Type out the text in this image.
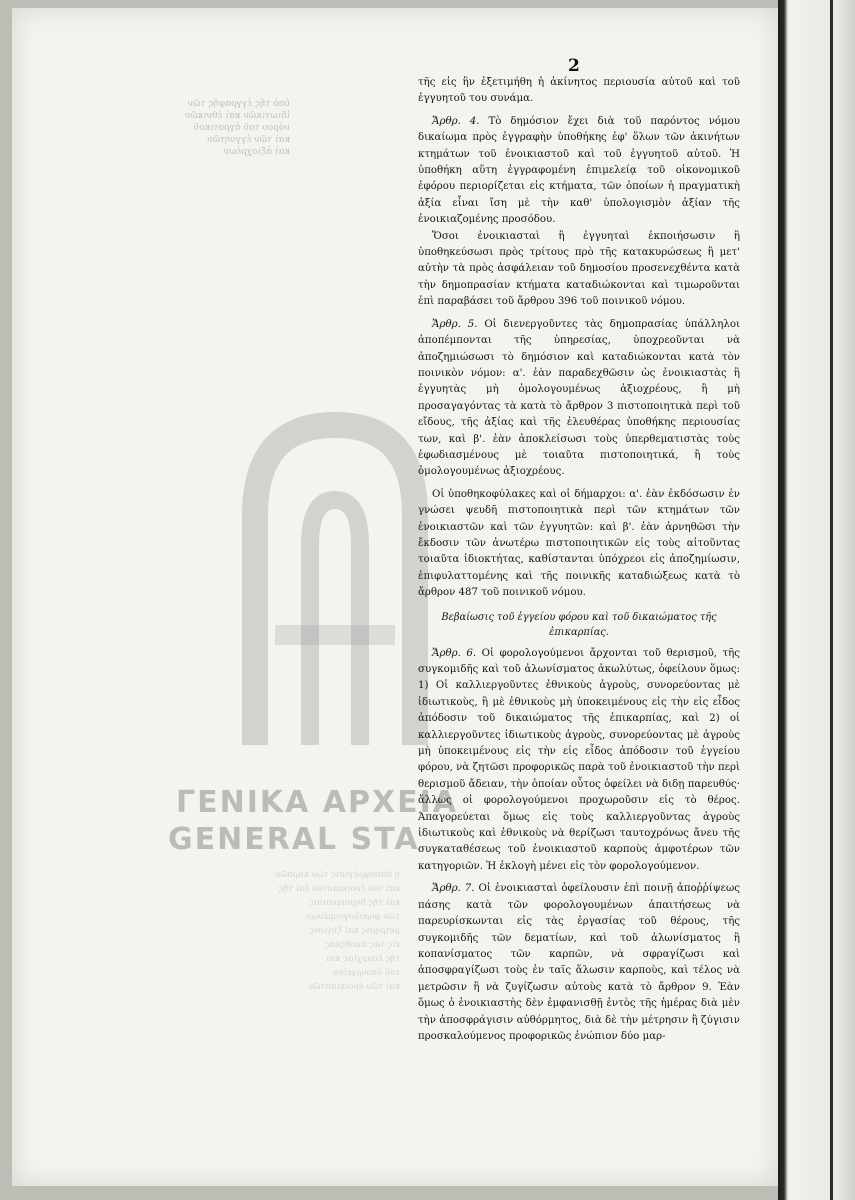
ὑπὸ τῆς ἐγγραφῆς τῶν
ἰδιωτικῶν καὶ ἐθνικῶν
νόμου τοῦ ἀγροτικοῦ
καὶ τῶν ἐγγυητῶν
καὶ ἀξιοχρέων
ἡ ἀποσφράγισις τῶν καρπῶν
καὶ τοῦ ἐνοικιαστοῦ ἐπὶ τῆς
καὶ τῆς δημοπρασίας
τῶν φορολογουμένων
μέτρησις καὶ ζύγισις
εἰς τὰς ἀποθήκας
τῆς ἐπαρχίας καὶ
τοῦ ὑπουργείου
καὶ τῶν ἐνοικιαστῶν
ΓΕΝΙΚΑ ΑΡΧΕΙΑ
GENERAL STA
2

τῆς εἰς ἣν ἐξετιμήθη ἡ ἀκίνητος περιουσία αὐτοῦ καὶ τοῦ ἐγγυητοῦ του συνάμα.

Ἄρθρ. 4. Τὸ δημόσιον ἔχει διὰ τοῦ παρόντος νόμου δικαίωμα πρὸς ἐγγραφὴν ὑποθήκης ἐφ' ὅλων τῶν ἀκινήτων κτημάτων τοῦ ἐνοικιαστοῦ καὶ τοῦ ἐγγυητοῦ αὐτοῦ. Ἡ ὑποθήκη αὕτη ἐγγραφομένη ἐπιμελείᾳ τοῦ οἰκονομικοῦ ἐφόρου περιορίζεται εἰς κτήματα, τῶν ὁποίων ἡ πραγματικὴ ἀξία εἶναι ἴση μὲ τὴν καθ' ὑπολογισμὸν ἀξίαν τῆς ἐνοικιαζομένης προσόδου.

Ὅσοι ἐνοικιασταὶ ἢ ἐγγυηταὶ ἐκποιήσωσιν ἢ ὑποθηκεύσωσι πρὸς τρίτους πρὸ τῆς κατακυρώσεως ἢ μετ' αὐτὴν τὰ πρὸς ἀσφάλειαν τοῦ δημοσίου προσενεχθέντα κατὰ τὴν δημοπρασίαν κτήματα καταδιώκονται καὶ τιμωροῦνται ἐπὶ παραβάσει τοῦ ἄρθρου 396 τοῦ ποινικοῦ νόμου.

Ἄρθρ. 5. Οἱ διενεργοῦντες τὰς δημοπρασίας ὑπάλληλοι ἀποπέμπονται τῆς ὑπηρεσίας, ὑποχρεοῦνται νὰ ἀποζημιώσωσι τὸ δημόσιον καὶ καταδιώκονται κατὰ τὸν ποινικὸν νόμον: α'. ἐὰν παραδεχθῶσιν ὡς ἐνοικιαστὰς ἢ ἐγγυητὰς μὴ ὁμολογουμένως ἀξιοχρέους, ἢ μὴ προσαγαγόντας τὰ κατὰ τὸ ἄρθρον 3 πιστοποιητικὰ περὶ τοῦ εἴδους, τῆς ἀξίας καὶ τῆς ἐλευθέρας ὑποθήκης περιουσίας των, καὶ β'. ἐὰν ἀποκλείσωσι τοὺς ὑπερθεματιστὰς τοὺς ἐφωδιασμένους μὲ τοιαῦτα πιστοποιητικά, ἢ τοὺς ὁμολογουμένως ἀξιοχρέους.

Οἱ ὑποθηκοφύλακες καὶ οἱ δήμαρχοι: α'. ἐὰν ἐκδόσωσιν ἐν γνώσει ψευδῆ πιστοποιητικὰ περὶ τῶν κτημάτων τῶν ἐνοικιαστῶν καὶ τῶν ἐγγυητῶν: καὶ β'. ἐὰν ἀρνηθῶσι τὴν ἔκδοσιν τῶν ἀνωτέρω πιστοποιητικῶν εἰς τοὺς αἰτοῦντας τοιαῦτα ἰδιοκτήτας, καθίστανται ὑπόχρεοι εἰς ἀποζημίωσιν, ἐπιφυλαττομένης καὶ τῆς ποινικῆς καταδιώξεως κατὰ τὸ ἄρθρον 487 τοῦ ποινικοῦ νόμου.

Βεβαίωσις τοῦ ἐγγείου φόρου καὶ τοῦ δικαιώματος τῆς ἐπικαρπίας.

Ἄρθρ. 6. Οἱ φορολογούμενοι ἄρχονται τοῦ θερισμοῦ, τῆς συγκομιδῆς καὶ τοῦ ἀλωνίσματος ἀκωλύτως, ὀφείλουν ὅμως: 1) Οἱ καλλιεργοῦντες ἐθνικοὺς ἀγροὺς, συνορεύοντας μὲ ἰδιωτικοὺς, ἢ μὲ ἐθνικοὺς μὴ ὑποκειμένους εἰς τὴν εἰς εἶδος ἀπόδοσιν τοῦ δικαιώματος τῆς ἐπικαρπίας, καὶ 2) οἱ καλλιεργοῦντες ἰδιωτικοὺς ἀγροὺς, συνορεύοντας μὲ ἀγροὺς μὴ ὑποκειμένους εἰς τὴν εἰς εἶδος ἀπόδοσιν τοῦ ἐγγείου φόρου, νὰ ζητῶσι προφορικῶς παρὰ τοῦ ἐνοικιαστοῦ τὴν περὶ θερισμοῦ ἄδειαν, τὴν ὁποίαν οὗτος ὀφείλει νὰ διδῃ παρευθύς· ἄλλως οἱ φορολογούμενοι προχωροῦσιν εἰς τὸ θέρος. Ἀπαγορεύεται ὅμως εἰς τοὺς καλλιεργοῦντας ἀγροὺς ἰδιωτικοὺς καὶ ἐθνικοὺς νὰ θερίζωσι ταυτοχρόνως ἄνευ τῆς συγκαταθέσεως τοῦ ἐνοικιαστοῦ καρποὺς ἀμφοτέρων τῶν κατηγοριῶν. Ἡ ἐκλογὴ μένει εἰς τὸν φορολογούμενον.

Ἄρθρ. 7. Οἱ ἐνοικιασταὶ ὀφείλουσιν ἐπὶ ποινῇ ἀποῤῥίψεως πάσης κατὰ τῶν φορολογουμένων ἀπαιτήσεως νὰ παρευρίσκωνται εἰς τὰς ἐργασίας τοῦ θέρους, τῆς συγκομιδῆς τῶν δεματίων, καὶ τοῦ ἀλωνίσματος ἢ κοπανίσματος τῶν καρπῶν, νὰ σφραγίζωσι καὶ ἀποσφραγίζωσι τοὺς ἐν ταῖς ἅλωσιν καρποὺς, καὶ τέλος νὰ μετρῶσιν ἢ νὰ ζυγίζωσιν αὐτοὺς κατὰ τὸ ἄρθρον 9. Ἐὰν ὅμως ὁ ἐνοικιαστὴς δὲν ἐμφανισθῇ ἐντὸς τῆς ἡμέρας διὰ μὲν τὴν ἀποσφράγισιν αὐθόρμητος, διὰ δὲ τὴν μέτρησιν ἢ ζύγισιν προσκαλούμενος προφορικῶς ἐνώπιον δύο μαρ-
